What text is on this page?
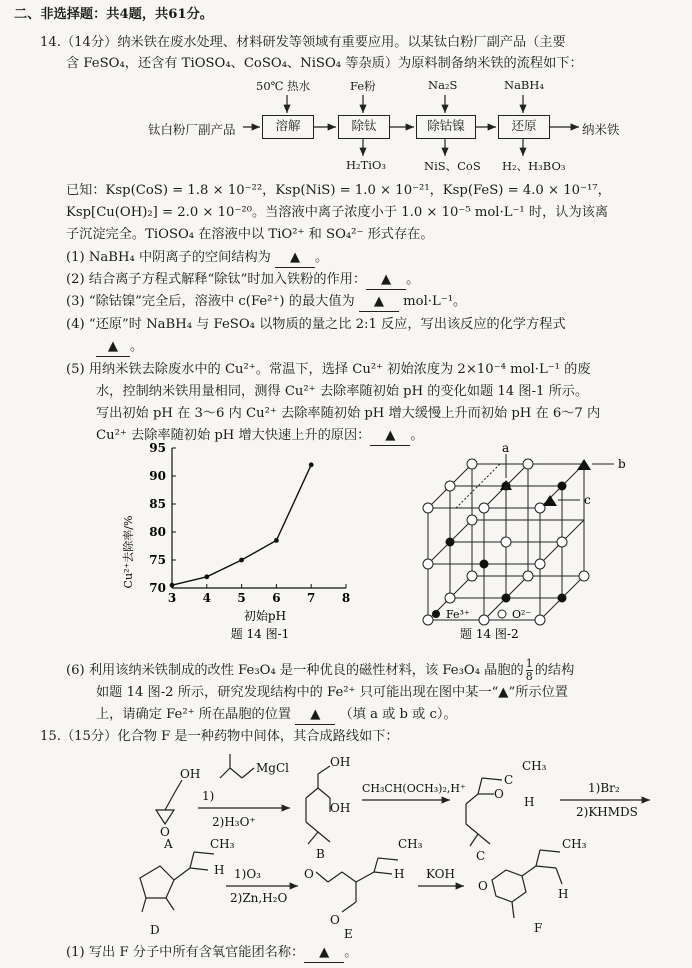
二、非选择题：共4题，共61分。
14.（14分）纳米铁在废水处理、材料研发等领域有重要应用。以某钛白粉厂副产品（主要
含 FeSO₄，还含有 TiOSO₄、CoSO₄、NiSO₄ 等杂质）为原料制备纳米铁的流程如下：
50℃ 热水	Fe粉	Na₂S	NaBH₄
钛白粉厂副产品	溶解	除钛	除钴镍	还原	纳米铁
H₂TiO₃	NiS、CoS H₂、H₃BO₃
已知：Ksp(CoS) = 1.8 × 10⁻²²，Ksp(NiS) = 1.0 × 10⁻²¹，Ksp(FeS) = 4.0 × 10⁻¹⁷，
Ksp[Cu(OH)₂] = 2.0 × 10⁻²⁰。当溶液中离子浓度小于 1.0 × 10⁻⁵ mol·L⁻¹ 时，认为该离
子沉淀完全。TiOSO₄ 在溶液中以 TiO²⁺ 和 SO₄²⁻ 形式存在。
(1) NaBH₄ 中阴离子的空间结构为 ▲ 。
(2) 结合离子方程式解释“除钛”时加入铁粉的作用： ▲ 。
(3) “除钴镍”完全后，溶液中 c(Fe²⁺) 的最大值为 ▲ mol·L⁻¹。
(4) “还原”时 NaBH₄ 与 FeSO₄ 以物质的量之比 2:1 反应，写出该反应的化学方程式
▲ 。
(5) 用纳米铁去除废水中的 Cu²⁺。常温下，选择 Cu²⁺ 初始浓度为 2×10⁻⁴ mol·L⁻¹ 的废
水，控制纳米铁用量相同，测得 Cu²⁺ 去除率随初始 pH 的变化如题 14 图-1 所示。
写出初始 pH 在 3～6 内 Cu²⁺ 去除率随初始 pH 增大缓慢上升而初始 pH 在 6～7 内
Cu²⁺ 去除率随初始 pH 增大快速上升的原因： ▲ 。
3 4 5 6 7 8
70
75
80
85
90
95
Cu²⁺去除率/%
初始pH
题 14 图-1
a
b
c
Fe³⁺	O²⁻
题 14 图-2
(6) 利用该纳米铁制成的改性 Fe₃O₄ 是一种优良的磁性材料，该 Fe₃O₄ 晶胞的 $\frac{1}{8}$ 的结构
如题 14 图-2 所示，研究发现结构中的 Fe²⁺ 只可能出现在图中某一“▲”所示位置
上，请确定 Fe²⁺ 所在晶胞的位置 ▲ （填 a 或 b 或 c）。
15.（15分）化合物 F 是一种药物中间体，其合成路线如下：
OH
O
A
1)
MgCl
2)H₃O⁺
OH
OH
B
CH₃CH(OCH₃)₂,H⁺ O
C
CH₃
H
C
1)Br₂
2)KHMDS
H
CH₃
D
1)O₃
2)Zn,H₂O
O
O
CH₃
H
E
KOH
O
CH₃
H
F
(1) 写出 F 分子中所有含氧官能团名称： ▲ 。
